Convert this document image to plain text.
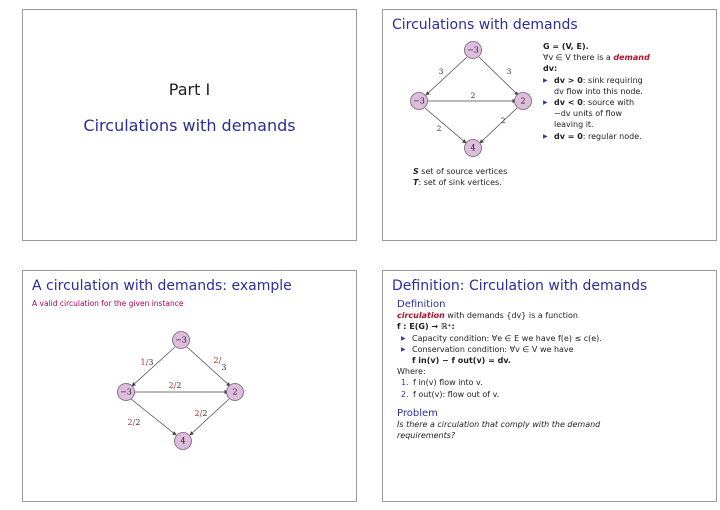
Part I
Circulations with demands
Circulations with demands
3	3
2
2
2
−3
−3	2
4
G = (V, E).
∀v ∈ V there is a demand
dv:
▶ dv > 0: sink requiring
dv flow into this node.
▶ dv < 0: source with
−dv units of flow
leaving it.
▶ dv = 0: regular node.
S set of source vertices
T: set of sink vertices.
A circulation with demands: example
A valid circulation for the given instance
1/3	$2/_3$
2/2
2/2
2/2
−3
−3	2
4
Definition: Circulation with demands
Definition
circulation with demands {dv} is a function
f : E(G) → ℝ⁺:
▶ Capacity condition: ∀e ∈ E we have f(e) ≤ c(e).
▶ Conservation condition: ∀v ∈ V we have
f in(v) − f out(v) = dv.
Where:
1. f in(v) flow into v.
2. f out(v): flow out of v.
Problem
Is there a circulation that comply with the demand
requirements?
